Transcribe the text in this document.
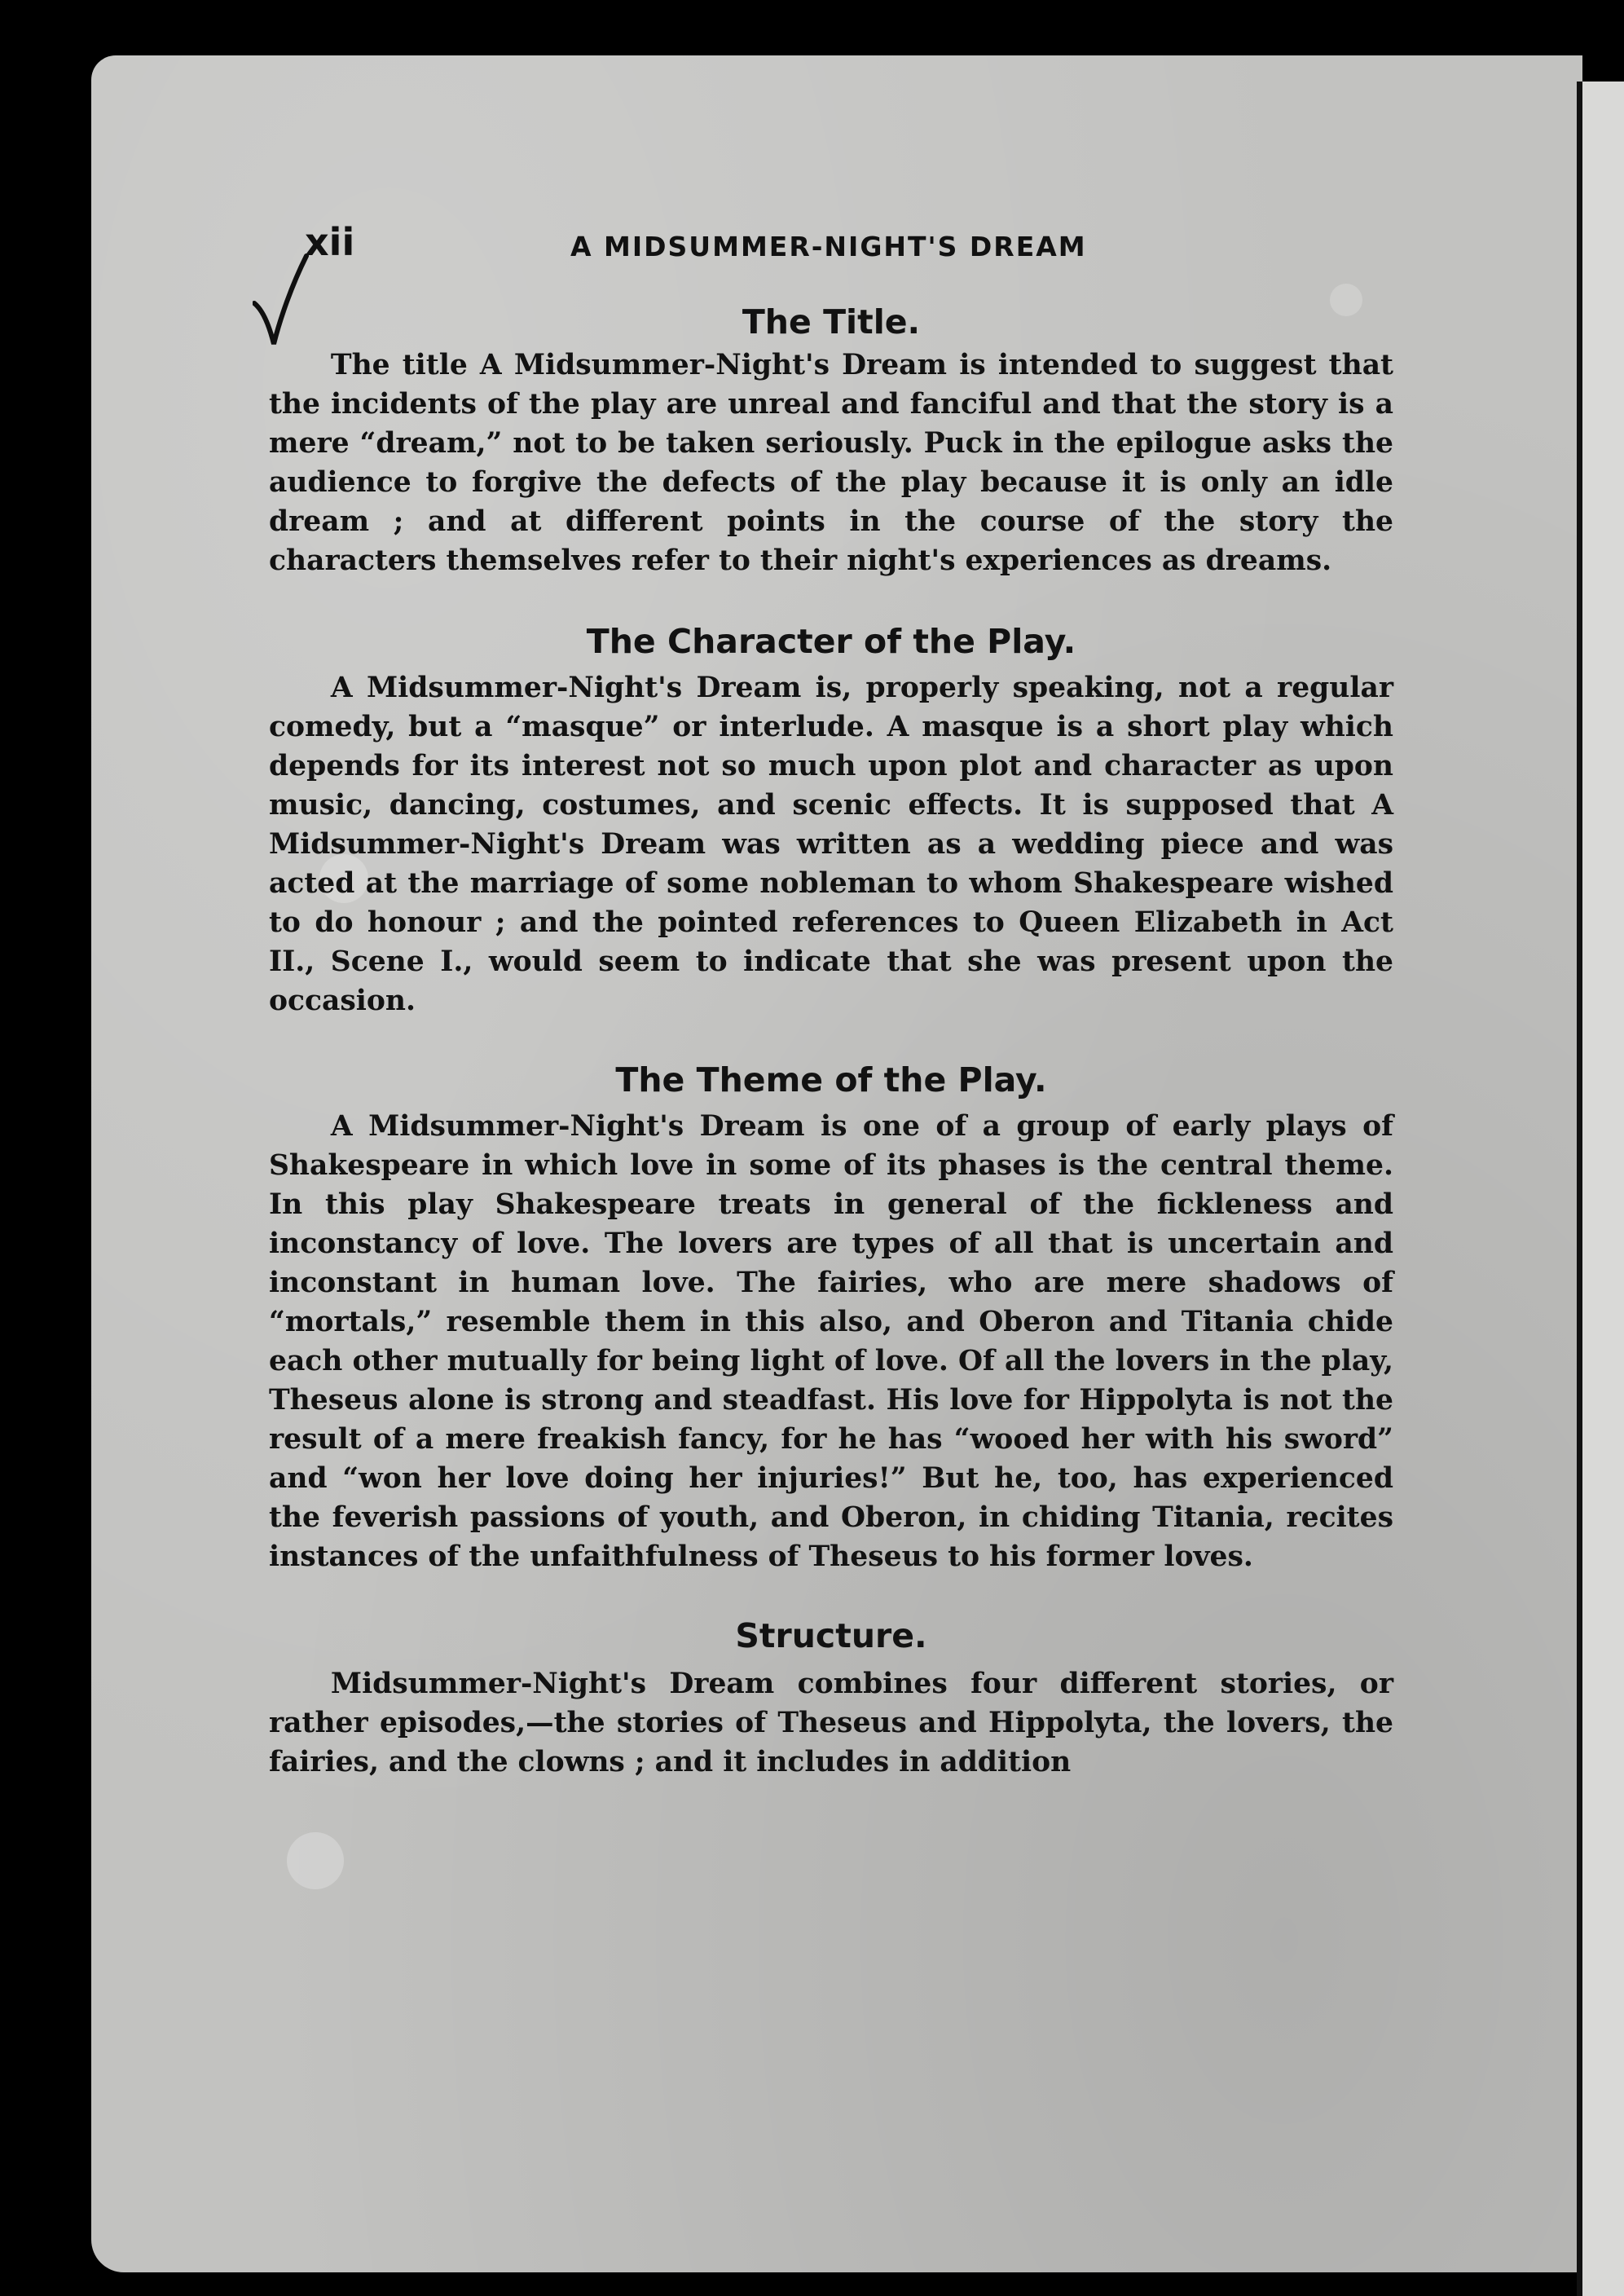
xii	A MIDSUMMER-NIGHT'S DREAM
The Title.

The title A Midsummer-Night's Dream is intended to suggest that the incidents of the play are unreal and fanciful and that the story is a mere “dream,” not to be taken seriously. Puck in the epilogue asks the audience to forgive the defects of the play because it is only an idle dream ; and at different points in the course of the story the characters themselves refer to their night's experiences as dreams.

The Character of the Play.

A Midsummer-Night's Dream is, properly speaking, not a regular comedy, but a “masque” or interlude. A masque is a short play which depends for its interest not so much upon plot and character as upon music, dancing, costumes, and scenic effects. It is supposed that A Midsummer-Night's Dream was written as a wedding piece and was acted at the marriage of some nobleman to whom Shakespeare wished to do honour ; and the pointed references to Queen Elizabeth in Act II., Scene I., would seem to indicate that she was present upon the occasion.

The Theme of the Play.

A Midsummer-Night's Dream is one of a group of early plays of Shakespeare in which love in some of its phases is the central theme. In this play Shakespeare treats in general of the fickleness and inconstancy of love. The lovers are types of all that is uncertain and inconstant in human love. The fairies, who are mere shadows of “mortals,” resemble them in this also, and Oberon and Titania chide each other mutually for being light of love. Of all the lovers in the play, Theseus alone is strong and steadfast. His love for Hippolyta is not the result of a mere freakish fancy, for he has “wooed her with his sword” and “won her love doing her injuries!” But he, too, has experienced the feverish passions of youth, and Oberon, in chiding Titania, recites instances of the unfaithfulness of Theseus to his former loves.

Structure.

Midsummer-Night's Dream combines four different stories, or rather episodes,—the stories of Theseus and Hippolyta, the lovers, the fairies, and the clowns ; and it includes in addition
